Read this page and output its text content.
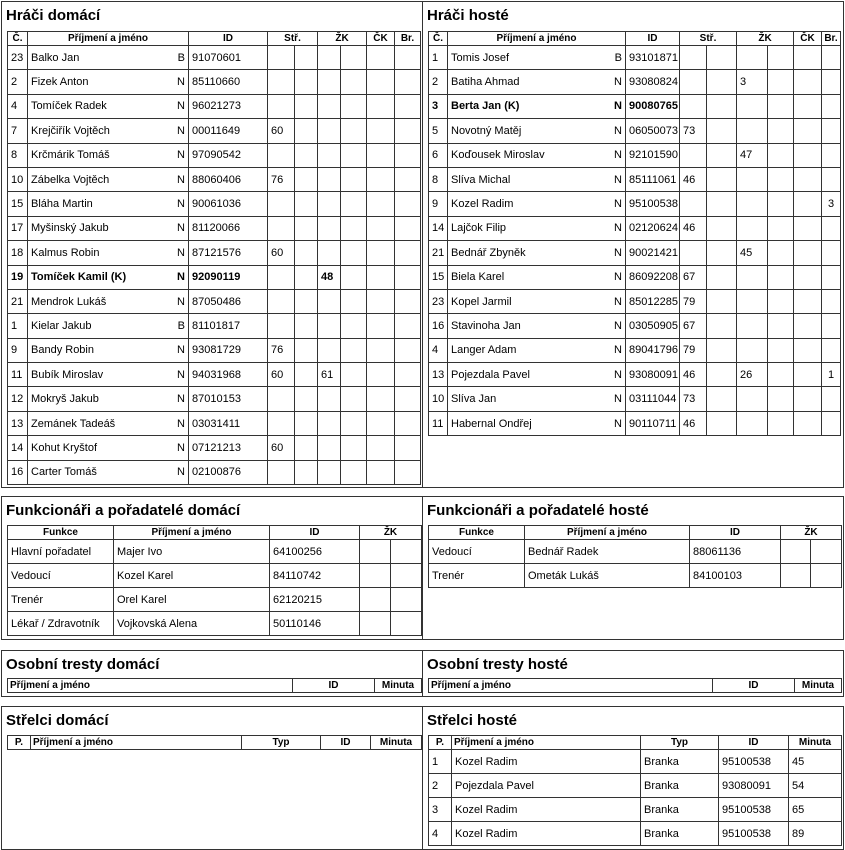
Hráči domácí
Č.	Příjmení a jméno	ID	Stř.		ŽK		ČK	Br.
23	Balko Jan B	91070601						
2	Fizek Anton N	85110660						
4	Tomíček Radek N	96021273						
7	Krejčiřík Vojtěch N	00011649	60					
8	Krčmárik Tomáš N	97090542						
10	Zábelka Vojtěch N	88060406	76					
15	Bláha Martin N	90061036						
17	Myšinský Jakub N	81120066						
18	Kalmus Robin N	87121576	60					
19	Tomíček Kamil (K) N	92090119			48			
21	Mendrok Lukáš N	87050486						
1	Kielar Jakub B	81101817						
9	Bandy Robin N	93081729	76					
11	Bubík Miroslav N	94031968	60		61			
12	Mokryš Jakub N	87010153						
13	Zemánek Tadeáš N	03031411						
14	Kohut Kryštof N	07121213	60					
16	Carter Tomáš N	02100876						
Hráči hosté
Č.	Příjmení a jméno	ID	Stř.		ŽK		ČK	Br.
1	Tomis Josef B	93101871						
2	Batiha Ahmad N	93080824			3			
3	Berta Jan (K) N	90080765						
5	Novotný Matěj N	06050073	73					
6	Koďousek Miroslav N	92101590			47			
8	Slíva Michal N	85111061	46					
9	Kozel Radim N	95100538						3
14	Lajčok Filip N	02120624	46					
21	Bednář Zbyněk N	90021421			45			
15	Biela Karel N	86092208	67					
23	Kopel Jarmil N	85012285	79					
16	Stavinoha Jan N	03050905	67					
4	Langer Adam N	89041796	79					
13	Pojezdala Pavel N	93080091	46		26			1
10	Slíva Jan N	03111044	73					
11	Habernal Ondřej N	90110711	46					
Funkcionáři a pořadatelé domácí
Funkce	Příjmení a jméno	ID	ŽK	
Hlavní pořadatel	Majer Ivo	64100256		
Vedoucí	Kozel Karel	84110742		
Trenér	Orel Karel	62120215		
Lékař / Zdravotník	Vojkovská Alena	50110146		
Funkcionáři a pořadatelé hosté
Funkce	Příjmení a jméno	ID	ŽK	
Vedoucí	Bednář Radek	88061136		
Trenér	Ometák Lukáš	84100103		
Osobní tresty domácí
Příjmení a jméno	ID	Minuta
Osobní tresty hosté
Příjmení a jméno	ID	Minuta
Střelci domácí
P.	Příjmení a jméno	Typ	ID	Minuta
Střelci hosté
P.	Příjmení a jméno	Typ	ID	Minuta
1	Kozel Radim	Branka	95100538	45
2	Pojezdala Pavel	Branka	93080091	54
3	Kozel Radim	Branka	95100538	65
4	Kozel Radim	Branka	95100538	89
